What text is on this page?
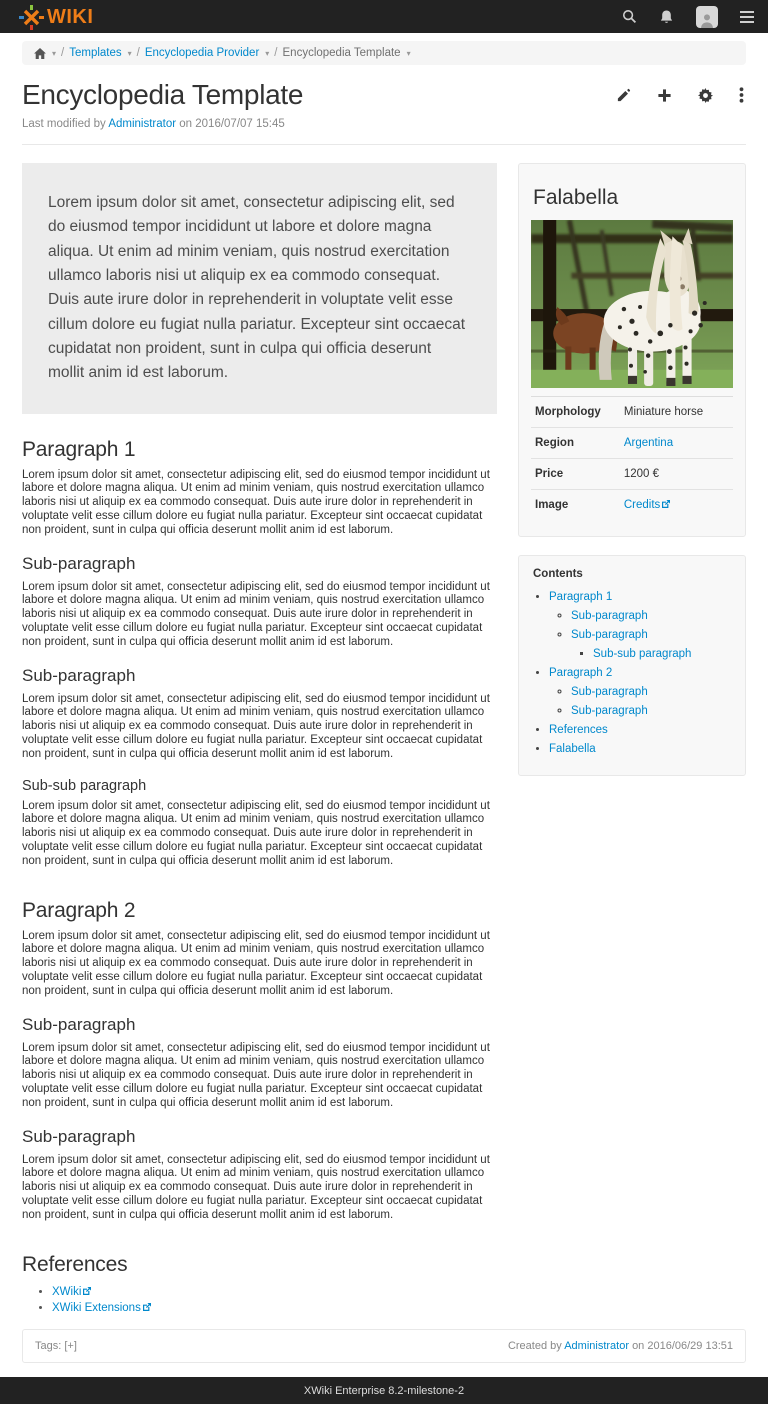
WIKI
▾ / Templates ▾ / Encyclopedia Provider ▾ / Encyclopedia Template ▾
Encyclopedia Template
Last modified by Administrator on 2016/07/07 15:45
Lorem ipsum dolor sit amet, consectetur adipiscing elit, sed do eiusmod tempor incididunt ut labore et dolore magna aliqua. Ut enim ad minim veniam, quis nostrud exercitation ullamco laboris nisi ut aliquip ex ea commodo consequat. Duis aute irure dolor in reprehenderit in voluptate velit esse cillum dolore eu fugiat nulla pariatur. Excepteur sint occaecat cupidatat non proident, sunt in culpa qui officia deserunt mollit anim id est laborum.
Paragraph 1

Lorem ipsum dolor sit amet, consectetur adipiscing elit, sed do eiusmod tempor incididunt ut labore et dolore magna aliqua. Ut enim ad minim veniam, quis nostrud exercitation ullamco laboris nisi ut aliquip ex ea commodo consequat. Duis aute irure dolor in reprehenderit in voluptate velit esse cillum dolore eu fugiat nulla pariatur. Excepteur sint occaecat cupidatat non proident, sunt in culpa qui officia deserunt mollit anim id est laborum.

Sub-paragraph

Lorem ipsum dolor sit amet, consectetur adipiscing elit, sed do eiusmod tempor incididunt ut labore et dolore magna aliqua. Ut enim ad minim veniam, quis nostrud exercitation ullamco laboris nisi ut aliquip ex ea commodo consequat. Duis aute irure dolor in reprehenderit in voluptate velit esse cillum dolore eu fugiat nulla pariatur. Excepteur sint occaecat cupidatat non proident, sunt in culpa qui officia deserunt mollit anim id est laborum.

Sub-paragraph

Lorem ipsum dolor sit amet, consectetur adipiscing elit, sed do eiusmod tempor incididunt ut labore et dolore magna aliqua. Ut enim ad minim veniam, quis nostrud exercitation ullamco laboris nisi ut aliquip ex ea commodo consequat. Duis aute irure dolor in reprehenderit in voluptate velit esse cillum dolore eu fugiat nulla pariatur. Excepteur sint occaecat cupidatat non proident, sunt in culpa qui officia deserunt mollit anim id est laborum.

Sub-sub paragraph

Lorem ipsum dolor sit amet, consectetur adipiscing elit, sed do eiusmod tempor incididunt ut labore et dolore magna aliqua. Ut enim ad minim veniam, quis nostrud exercitation ullamco laboris nisi ut aliquip ex ea commodo consequat. Duis aute irure dolor in reprehenderit in voluptate velit esse cillum dolore eu fugiat nulla pariatur. Excepteur sint occaecat cupidatat non proident, sunt in culpa qui officia deserunt mollit anim id est laborum.

Paragraph 2

Lorem ipsum dolor sit amet, consectetur adipiscing elit, sed do eiusmod tempor incididunt ut labore et dolore magna aliqua. Ut enim ad minim veniam, quis nostrud exercitation ullamco laboris nisi ut aliquip ex ea commodo consequat. Duis aute irure dolor in reprehenderit in voluptate velit esse cillum dolore eu fugiat nulla pariatur. Excepteur sint occaecat cupidatat non proident, sunt in culpa qui officia deserunt mollit anim id est laborum.

Sub-paragraph

Lorem ipsum dolor sit amet, consectetur adipiscing elit, sed do eiusmod tempor incididunt ut labore et dolore magna aliqua. Ut enim ad minim veniam, quis nostrud exercitation ullamco laboris nisi ut aliquip ex ea commodo consequat. Duis aute irure dolor in reprehenderit in voluptate velit esse cillum dolore eu fugiat nulla pariatur. Excepteur sint occaecat cupidatat non proident, sunt in culpa qui officia deserunt mollit anim id est laborum.

Sub-paragraph

Lorem ipsum dolor sit amet, consectetur adipiscing elit, sed do eiusmod tempor incididunt ut labore et dolore magna aliqua. Ut enim ad minim veniam, quis nostrud exercitation ullamco laboris nisi ut aliquip ex ea commodo consequat. Duis aute irure dolor in reprehenderit in voluptate velit esse cillum dolore eu fugiat nulla pariatur. Excepteur sint occaecat cupidatat non proident, sunt in culpa qui officia deserunt mollit anim id est laborum.

References
• XWiki
• XWiki Extensions
Falabella
Morphology	Miniature horse
Region	Argentina
Price	1200 €
Image	Credits
Contents
• Paragraph 1
◦ Sub-paragraph
◦ Sub-paragraph
▪ Sub-sub paragraph
• Paragraph 2
◦ Sub-paragraph
◦ Sub-paragraph
• References
• Falabella
Tags: [+]	Created by Administrator on 2016/06/29 13:51
XWiki Enterprise 8.2-milestone-2
